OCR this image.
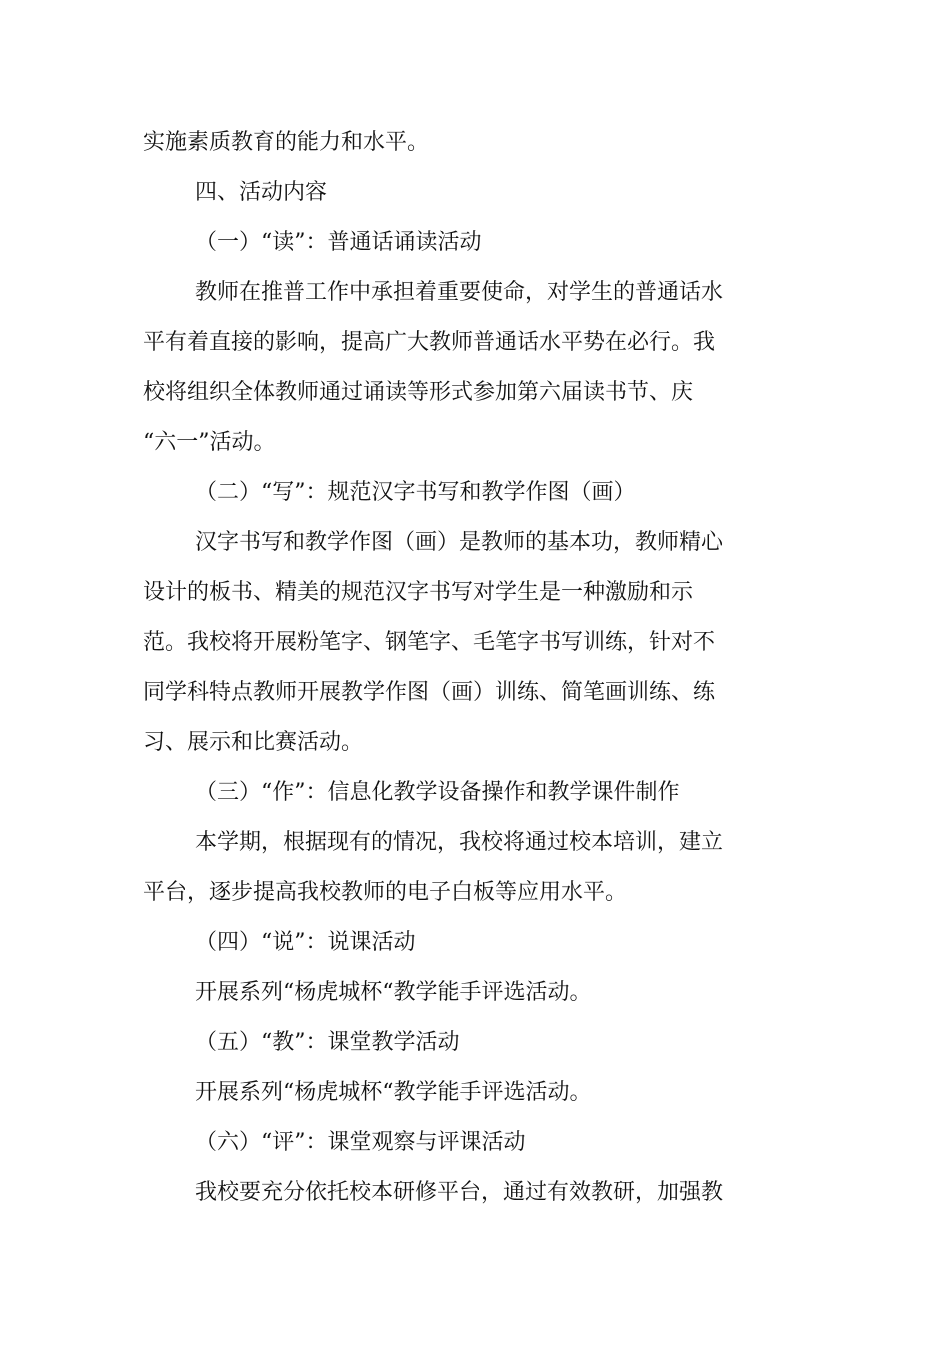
实施素质教育的能力和水平。
四、活动内容
（一）“读”：普通话诵读活动
教师在推普工作中承担着重要使命，对学生的普通话水
平有着直接的影响，提高广大教师普通话水平势在必行。我
校将组织全体教师通过诵读等形式参加第六届读书节、庆
“六一”活动。
（二）“写”：规范汉字书写和教学作图（画）
汉字书写和教学作图（画）是教师的基本功，教师精心
设计的板书、精美的规范汉字书写对学生是一种激励和示
范。我校将开展粉笔字、钢笔字、毛笔字书写训练，针对不
同学科特点教师开展教学作图（画）训练、简笔画训练、练
习、展示和比赛活动。
（三）“作”：信息化教学设备操作和教学课件制作
本学期，根据现有的情况，我校将通过校本培训，建立
平台，逐步提高我校教师的电子白板等应用水平。
（四）“说”：说课活动
开展系列“杨虎城杯“教学能手评选活动。
（五）“教”：课堂教学活动
开展系列“杨虎城杯“教学能手评选活动。
（六）“评”：课堂观察与评课活动
我校要充分依托校本研修平台，通过有效教研，加强教
